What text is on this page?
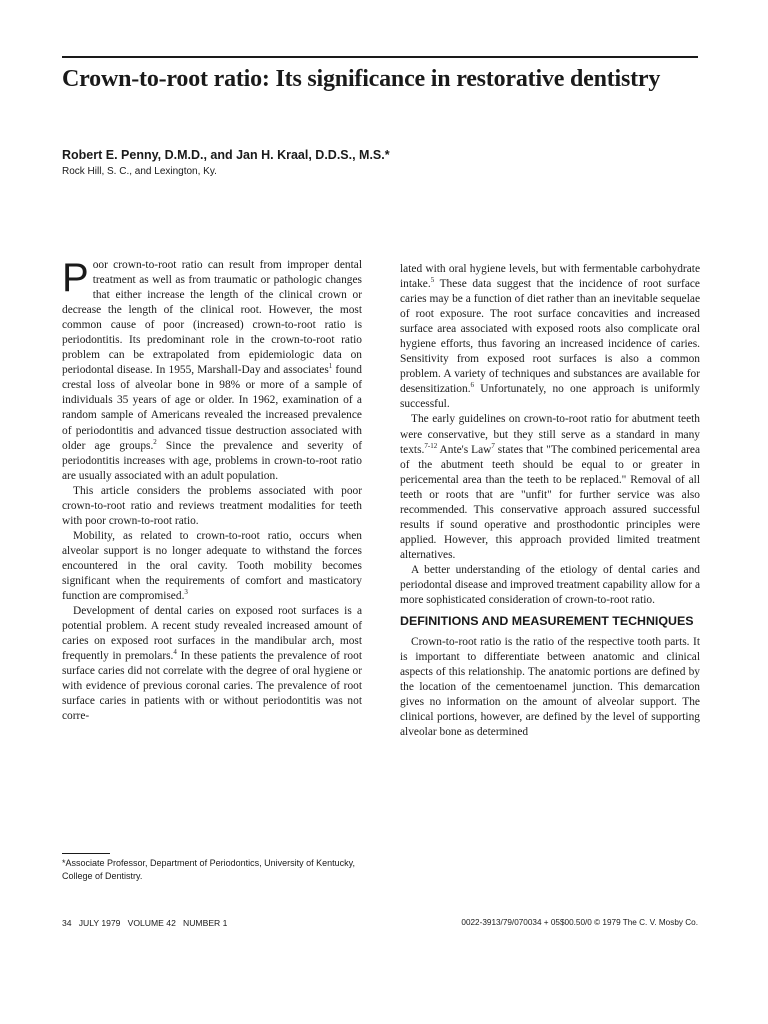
Crown-to-root ratio: Its significance in restorative dentistry
Robert E. Penny, D.M.D., and Jan H. Kraal, D.D.S., M.S.*
Rock Hill, S. C., and Lexington, Ky.

Poor crown-to-root ratio can result from improper dental treatment as well as from traumatic or pathologic changes that either increase the length of the clinical crown or decrease the length of the clinical root. However, the most common cause of poor (increased) crown-to-root ratio is periodontitis. Its predominant role in the crown-to-root ratio problem can be extrapolated from epidemiologic data on periodontal disease. In 1955, Marshall-Day and associates$^1$ found crestal loss of alveolar bone in 98% or more of a sample of individuals 35 years of age or older. In 1962, examination of a random sample of Americans revealed the increased prevalence of periodontitis and advanced tissue destruction associated with older age groups.$^2$ Since the prevalence and severity of periodontitis increases with age, problems in crown-to-root ratio are usually associated with an adult population.

This article considers the problems associated with poor crown-to-root ratio and reviews treatment modalities for teeth with poor crown-to-root ratio.

Mobility, as related to crown-to-root ratio, occurs when alveolar support is no longer adequate to withstand the forces encountered in the oral cavity. Tooth mobility becomes significant when the requirements of comfort and masticatory function are compromised.$^3$

Development of dental caries on exposed root surfaces is a potential problem. A recent study revealed increased amount of caries on exposed root surfaces in the mandibular arch, most frequently in premolars.$^4$ In these patients the prevalence of root surface caries did not correlate with the degree of oral hygiene or with evidence of previous coronal caries. The prevalence of root surface caries in patients with or without periodontitis was not corre-

lated with oral hygiene levels, but with fermentable carbohydrate intake.$^5$ These data suggest that the incidence of root surface caries may be a function of diet rather than an inevitable sequelae of root exposure. The root surface concavities and increased surface area associated with exposed roots also complicate oral hygiene efforts, thus favoring an increased incidence of caries. Sensitivity from exposed root surfaces is also a common problem. A variety of techniques and substances are available for desensitization.$^6$ Unfortunately, no one approach is uniformly successful.

The early guidelines on crown-to-root ratio for abutment teeth were conservative, but they still serve as a standard in many texts.$^{7-12}$ Ante's Law$^7$ states that "The combined pericemental area of the abutment teeth should be equal to or greater in pericemental area than the teeth to be replaced." Removal of all teeth or roots that are "unfit" for further service was also recommended. This conservative approach assured successful results if sound operative and prosthodontic principles were applied. However, this approach provided limited treatment alternatives.

A better understanding of the etiology of dental caries and periodontal disease and improved treatment capability allow for a more sophisticated consideration of crown-to-root ratio.

DEFINITIONS AND MEASUREMENT TECHNIQUES

Crown-to-root ratio is the ratio of the respective tooth parts. It is important to differentiate between anatomic and clinical aspects of this relationship. The anatomic portions are defined by the location of the cementoenamel junction. This demarcation gives no information on the amount of alveolar support. The clinical portions, however, are defined by the level of supporting alveolar bone as determined

*Associate Professor, Department of Periodontics, University of Kentucky, College of Dentistry.
34   JULY 1979   VOLUME 42   NUMBER 1	0022-3913/79/070034 + 05$00.50/0 © 1979 The C. V. Mosby Co.
